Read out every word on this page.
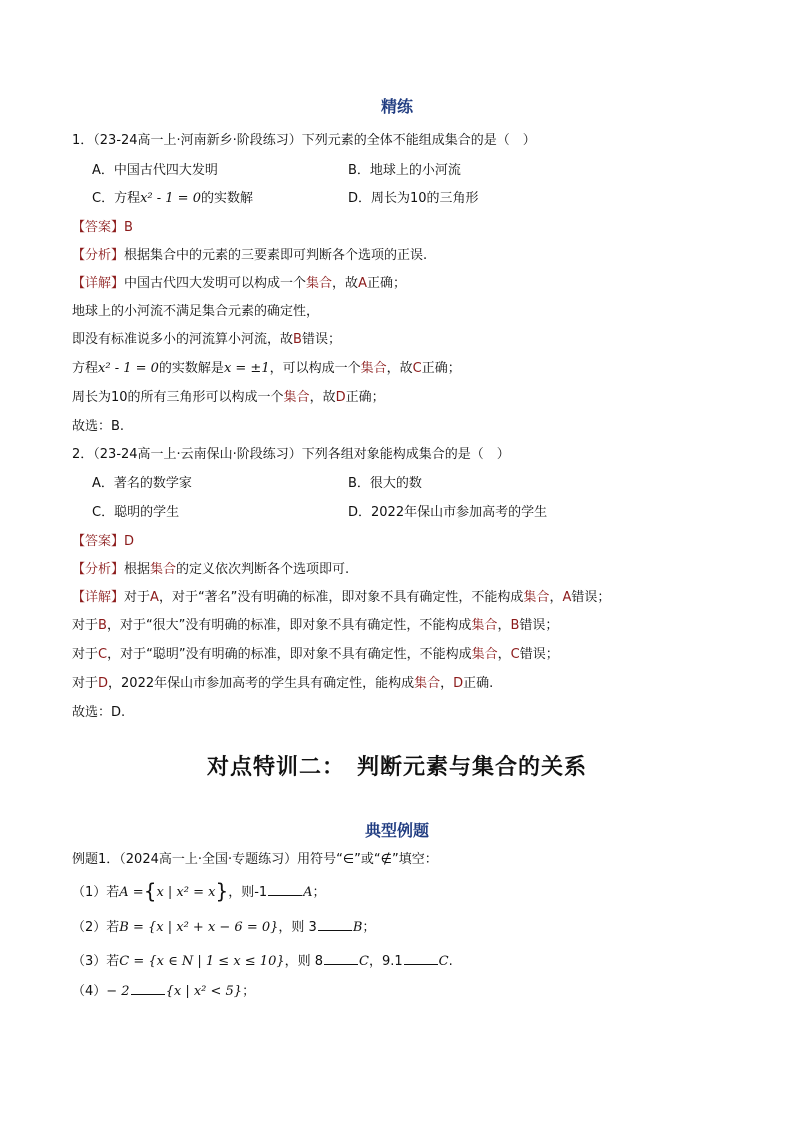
精练
1．（23-24高一上·河南新乡·阶段练习）下列元素的全体不能组成集合的是（　）
A．中国古代四大发明	B．地球上的小河流
C．方程x² - 1 = 0的实数解	D．周长为10的三角形
【答案】B
【分析】根据集合中的元素的三要素即可判断各个选项的正误.
【详解】中国古代四大发明可以构成一个集合，故A正确；
地球上的小河流不满足集合元素的确定性，
即没有标准说多小的河流算小河流，故B错误；
方程x² - 1 = 0的实数解是x = ±1，可以构成一个集合，故C正确；
周长为10的所有三角形可以构成一个集合，故D正确；
故选：B.
2．（23-24高一上·云南保山·阶段练习）下列各组对象能构成集合的是（　）
A．著名的数学家	B．很大的数
C．聪明的学生	D．2022年保山市参加高考的学生
【答案】D
【分析】根据集合的定义依次判断各个选项即可.
【详解】对于A，对于“著名”没有明确的标准，即对象不具有确定性，不能构成集合，A错误；
对于B，对于“很大”没有明确的标准，即对象不具有确定性，不能构成集合，B错误；
对于C，对于“聪明”没有明确的标准，即对象不具有确定性，不能构成集合，C错误；
对于D，2022年保山市参加高考的学生具有确定性，能构成集合，D正确.
故选：D.
对点特训二：　判断元素与集合的关系
典型例题
例题1．（2024高一上·全国·专题练习）用符号“∈”或“∉”填空：
（1）若A ={x | x² = x}，则-1	A；
（2）若B = {x | x² + x − 6 = 0}，则 3	B；
（3）若C = {x ∈ N | 1 ≤ x ≤ 10}，则 8	C，9.1	C.
（4）− 2	{x | x² < 5}；
